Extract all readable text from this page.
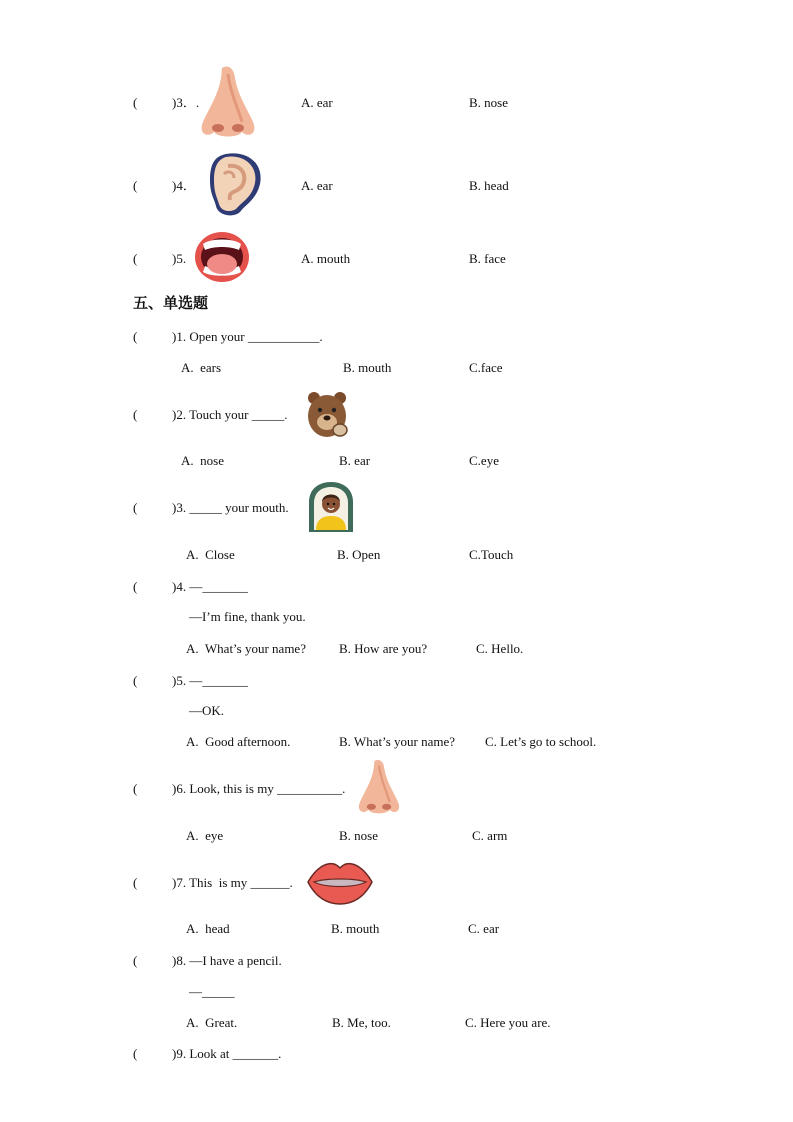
(	)3．.	A. ear	B. nose
(	)4．	A. ear	B. head
(	)5.	A. mouth	B. face
五、单选题
(	)1. Open your ___________.
A.  ears	B. mouth	C.face
(	)2. Touch your _____.
A.  nose	B. ear	C.eye
(	)3. _____ your mouth.
A.  Close	B. Open	C.Touch
(	)4. —_______
—I’m fine, thank you.
A.  What’s your name?	B. How are you?	C. Hello.
(	)5. —_______
—OK.
A.  Good afternoon.	B. What’s your name? C. Let’s go to school.
(	)6. Look, this is my __________.
A.  eye	B. nose	C. arm
(	)7. This  is my ______.
A.  head	B. mouth	C. ear
(	)8. —I have a pencil.
—_____
A.  Great.	B. Me, too.	C. Here you are.
(	)9. Look at _______.
